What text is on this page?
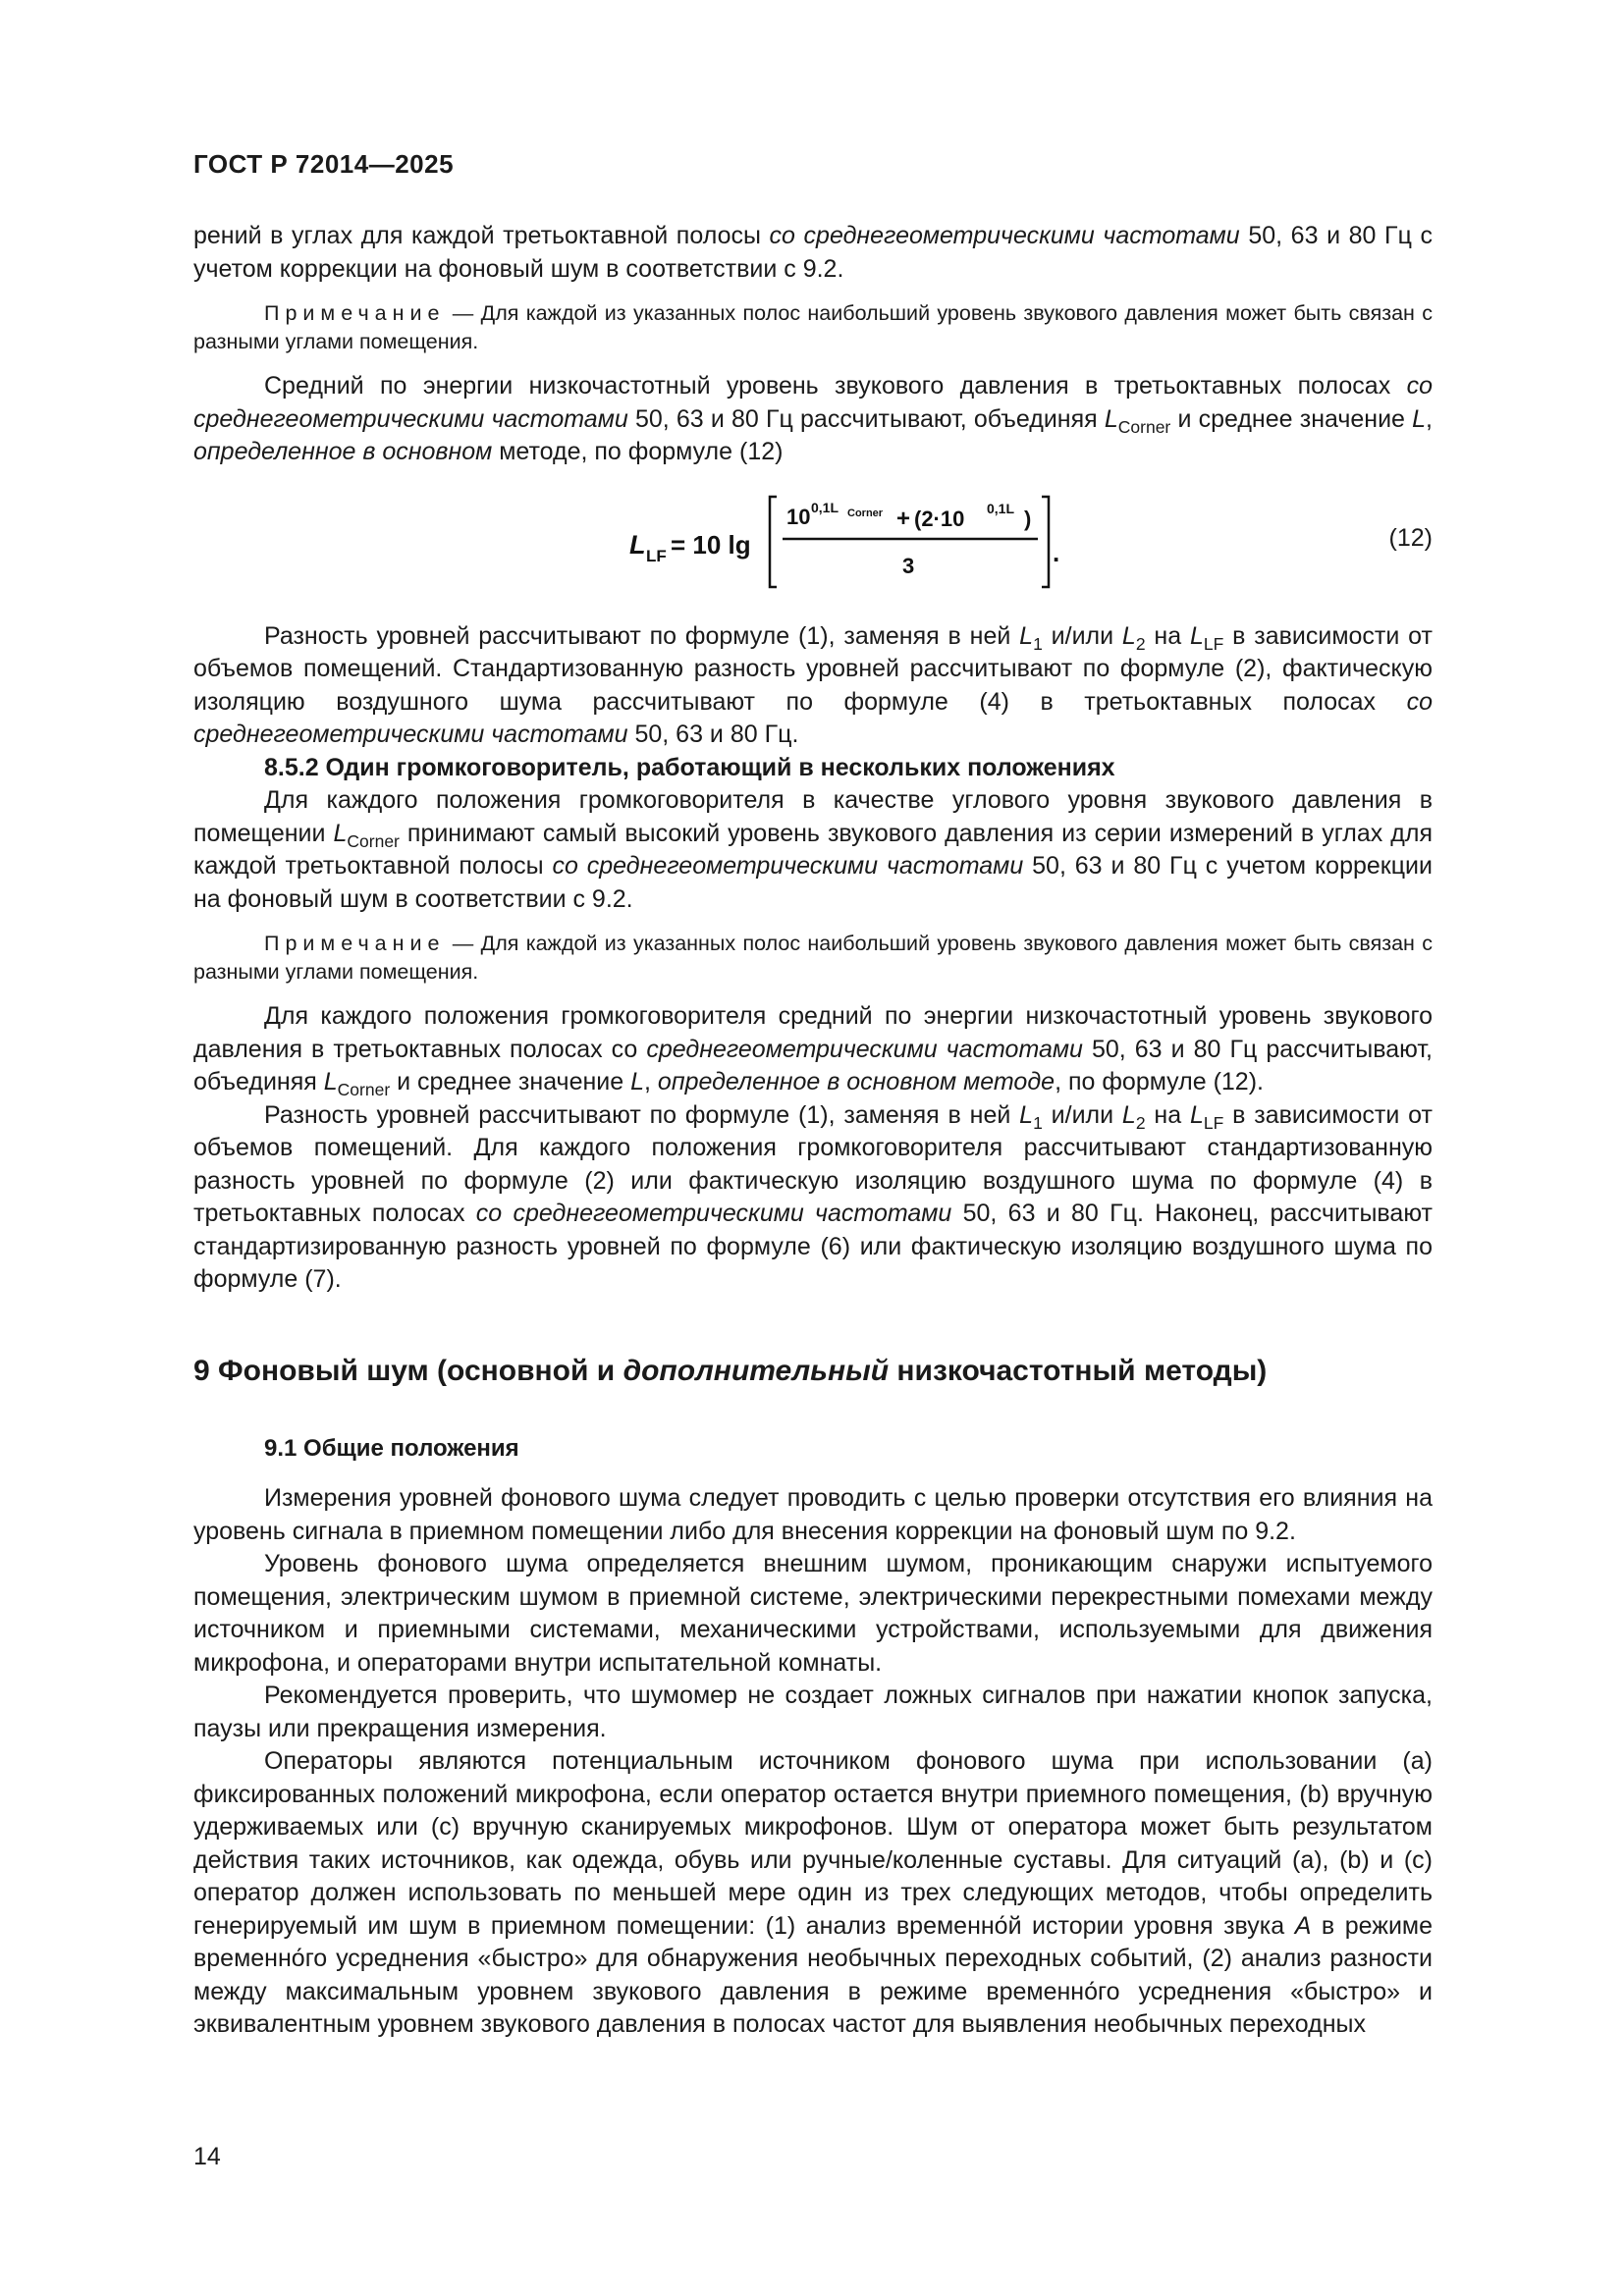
ГОСТ Р 72014—2025

рений в углах для каждой третьоктавной полосы со среднегеометрическими частотами 50, 63 и 80 Гц с учетом коррекции на фоновый шум в соответствии с 9.2.

Примечание — Для каждой из указанных полос наибольший уровень звукового давления может быть связан с разными углами помещения.

Средний по энергии низкочастотный уровень звукового давления в третьоктавных полосах со среднегеометрическими частотами 50, 63 и 80 Гц рассчитывают, объединяя $L_{Corner}$ и среднее значение L, определенное в основном методе, по формуле (12)

L LF = 10 lg
10 0,1L Corner + (2·10 0,1L )
3	.	(12)

Разность уровней рассчитывают по формуле (1), заменяя в ней $L_1$ и/или $L_2$ на $L_{LF}$ в зависимости от объемов помещений. Стандартизованную разность уровней рассчитывают по формуле (2), фактическую изоляцию воздушного шума рассчитывают по формуле (4) в третьоктавных полосах со среднегеометрическими частотами 50, 63 и 80 Гц.

8.5.2 Один громкоговоритель, работающий в нескольких положениях

Для каждого положения громкоговорителя в качестве углового уровня звукового давления в помещении $L_{Corner}$ принимают самый высокий уровень звукового давления из серии измерений в углах для каждой третьоктавной полосы со среднегеометрическими частотами 50, 63 и 80 Гц с учетом коррекции на фоновый шум в соответствии с 9.2.

Примечание — Для каждой из указанных полос наибольший уровень звукового давления может быть связан с разными углами помещения.

Для каждого положения громкоговорителя средний по энергии низкочастотный уровень звукового давления в третьоктавных полосах со среднегеометрическими частотами 50, 63 и 80 Гц рассчитывают, объединяя $L_{Corner}$ и среднее значение L, определенное в основном методе, по формуле (12).

Разность уровней рассчитывают по формуле (1), заменяя в ней $L_1$ и/или $L_2$ на $L_{LF}$ в зависимости от объемов помещений. Для каждого положения громкоговорителя рассчитывают стандартизованную разность уровней по формуле (2) или фактическую изоляцию воздушного шума по формуле (4) в третьоктавных полосах со среднегеометрическими частотами 50, 63 и 80 Гц. Наконец, рассчитывают стандартизированную разность уровней по формуле (6) или фактическую изоляцию воздушного шума по формуле (7).

9 Фоновый шум (основной и дополнительный низкочастотный методы)

9.1 Общие положения

Измерения уровней фонового шума следует проводить с целью проверки отсутствия его влияния на уровень сигнала в приемном помещении либо для внесения коррекции на фоновый шум по 9.2.

Уровень фонового шума определяется внешним шумом, проникающим снаружи испытуемого помещения, электрическим шумом в приемной системе, электрическими перекрестными помехами между источником и приемными системами, механическими устройствами, используемыми для движения микрофона, и операторами внутри испытательной комнаты.

Рекомендуется проверить, что шумомер не создает ложных сигналов при нажатии кнопок запуска, паузы или прекращения измерения.

Операторы являются потенциальным источником фонового шума при использовании (a) фиксированных положений микрофона, если оператор остается внутри приемного помещения, (b) вручную удерживаемых или (c) вручную сканируемых микрофонов. Шум от оператора может быть результатом действия таких источников, как одежда, обувь или ручные/коленные суставы. Для ситуаций (a), (b) и (c) оператор должен использовать по меньшей мере один из трех следующих методов, чтобы определить генерируемый им шум в приемном помещении: (1) анализ временно́й истории уровня звука A в режиме временно́го усреднения «быстро» для обнаружения необычных переходных событий, (2) анализ разности между максимальным уровнем звукового давления в режиме временно́го усреднения «быстро» и эквивалентным уровнем звукового давления в полосах частот для выявления необычных переходных

14
